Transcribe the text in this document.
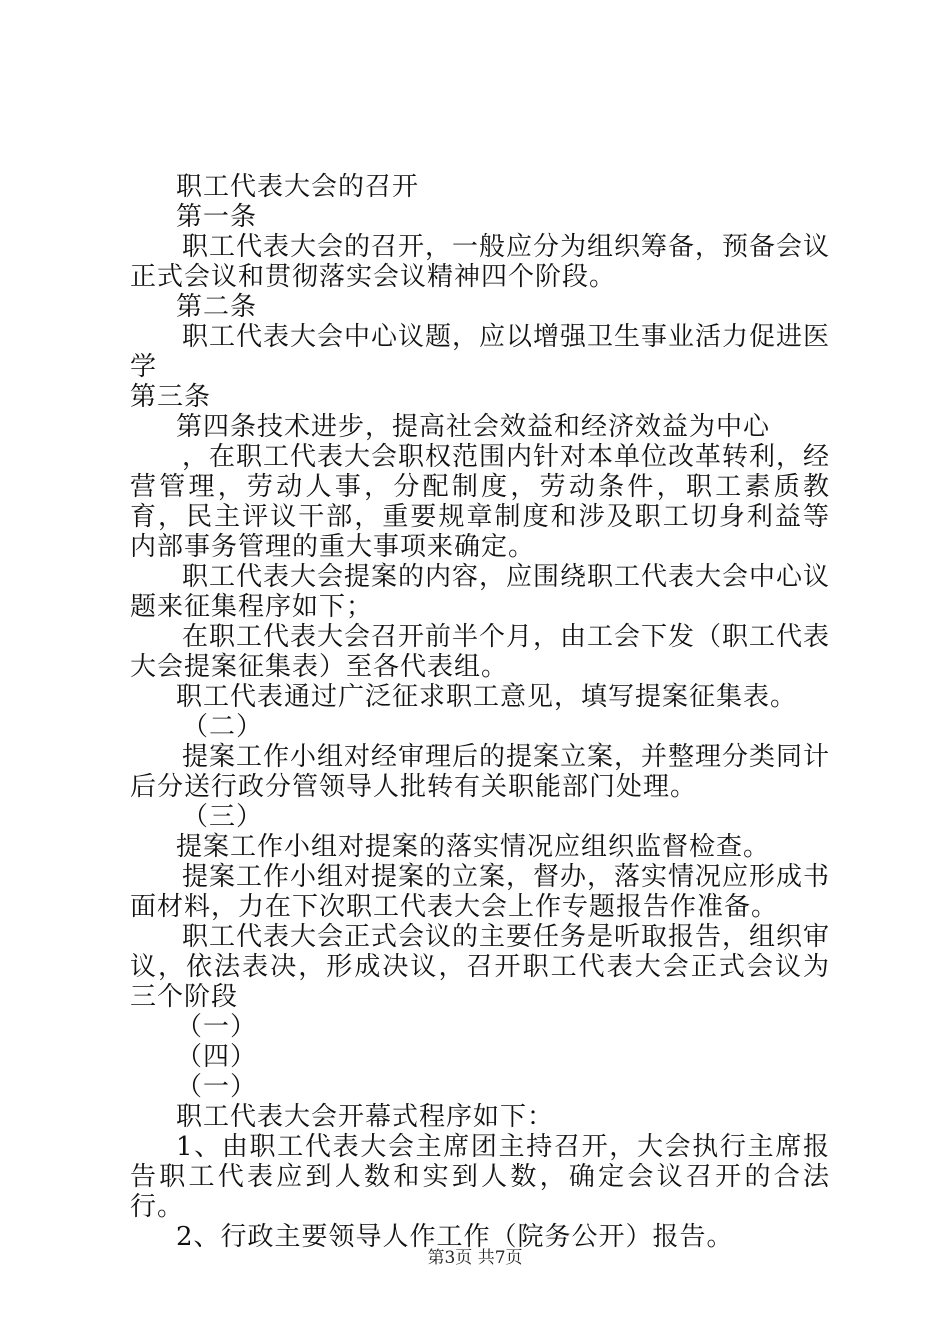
职工代表大会的召开

第一条

职工代表大会的召开，一般应分为组织筹备，预备会议正式会议和贯彻落实会议精神四个阶段。

第二条

职工代表大会中心议题，应以增强卫生事业活力促进医学

第三条

第四条技术进步，提高社会效益和经济效益为中心

，在职工代表大会职权范围内针对本单位改革转利，经营管理，劳动人事，分配制度，劳动条件，职工素质教育，民主评议干部，重要规章制度和涉及职工切身利益等内部事务管理的重大事项来确定。

职工代表大会提案的内容，应围绕职工代表大会中心议题来征集程序如下；

在职工代表大会召开前半个月，由工会下发（职工代表大会提案征集表）至各代表组。

职工代表通过广泛征求职工意见，填写提案征集表。

（二）

提案工作小组对经审理后的提案立案，并整理分类同计后分送行政分管领导人批转有关职能部门处理。

（三）

提案工作小组对提案的落实情况应组织监督检查。

提案工作小组对提案的立案，督办，落实情况应形成书面材料，力在下次职工代表大会上作专题报告作准备。

职工代表大会正式会议的主要任务是听取报告，组织审议，依法表决，形成决议，召开职工代表大会正式会议为三个阶段

（一）

（四）

（一）

职工代表大会开幕式程序如下：

1、由职工代表大会主席团主持召开，大会执行主席报告职工代表应到人数和实到人数，确定会议召开的合法行。

2、行政主要领导人作工作（院务公开）报告。

第3页 共7页
